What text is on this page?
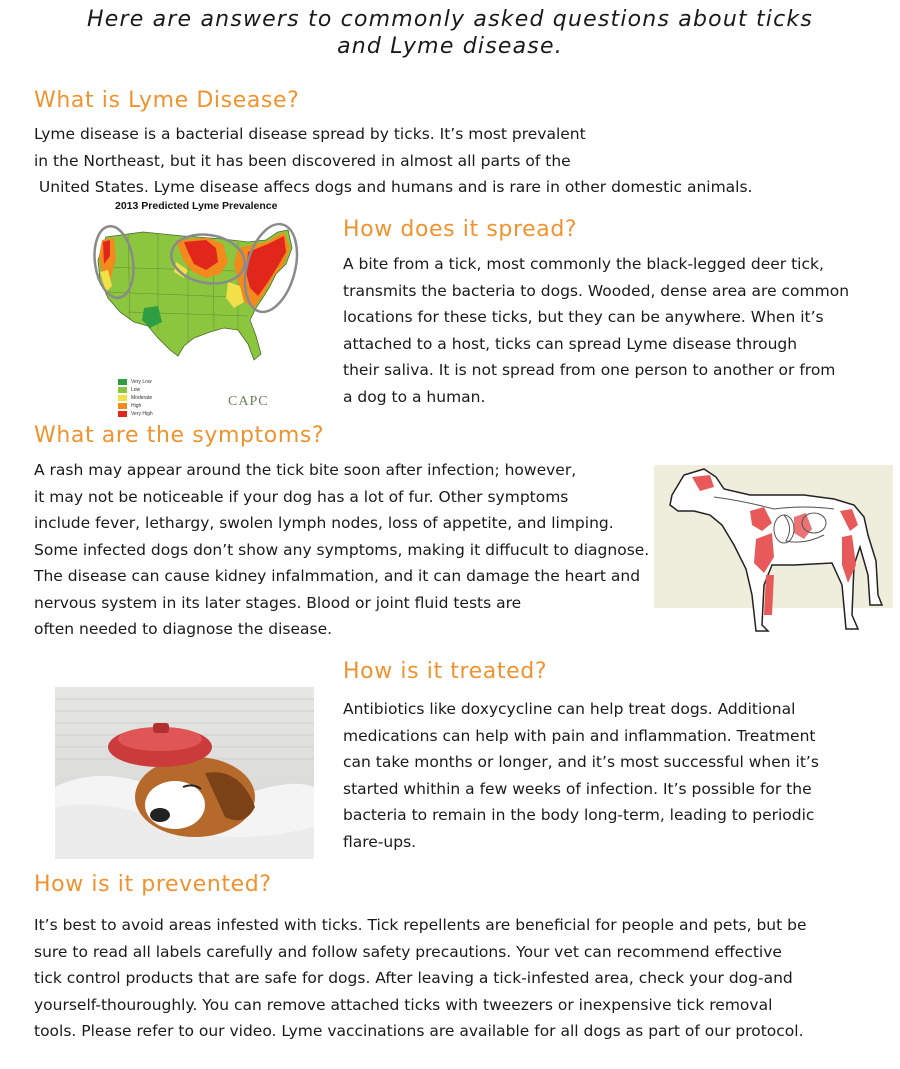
Here are answers to commonly asked questions about ticks
and Lyme disease.
What is Lyme Disease?
Lyme disease is a bacterial disease spread by ticks. It’s most prevalent
in the Northeast, but it has been discovered in almost all parts of the
United States. Lyme disease affecs dogs and humans and is rare in other domestic animals.
2013 Predicted Lyme Prevalence
Very Low
Low
Moderate
High
Very High
CAPC
How does it spread?
A bite from a tick, most commonly the black-legged deer tick,
transmits the bacteria to dogs. Wooded, dense area are common
locations for these ticks, but they can be anywhere. When it’s
attached to a host, ticks can spread Lyme disease through
their saliva. It is not spread from one person to another or from
a dog to a human.
What are the symptoms?
A rash may appear around the tick bite soon after infection; however,
it may not be noticeable if your dog has a lot of fur. Other symptoms
include fever, lethargy, swolen lymph nodes, loss of appetite, and limping.
Some infected dogs don’t show any symptoms, making it diffucult to diagnose.
The disease can cause kidney infalmmation, and it can damage the heart and
nervous system in its later stages. Blood or joint fluid tests are
often needed to diagnose the disease.
How is it treated?
Antibiotics like doxycycline can help treat dogs. Additional
medications can help with pain and inflammation. Treatment
can take months or longer, and it’s most successful when it’s
started whithin a few weeks of infection. It’s possible for the
bacteria to remain in the body long-term, leading to periodic
flare-ups.
How is it prevented?
It’s best to avoid areas infested with ticks. Tick repellents are beneficial for people and pets, but be
sure to read all labels carefully and follow safety precautions. Your vet can recommend effective
tick control products that are safe for dogs. After leaving a tick-infested area, check your dog-and
yourself-thouroughly. You can remove attached ticks with tweezers or inexpensive tick removal
tools. Please refer to our video. Lyme vaccinations are available for all dogs as part of our protocol.
